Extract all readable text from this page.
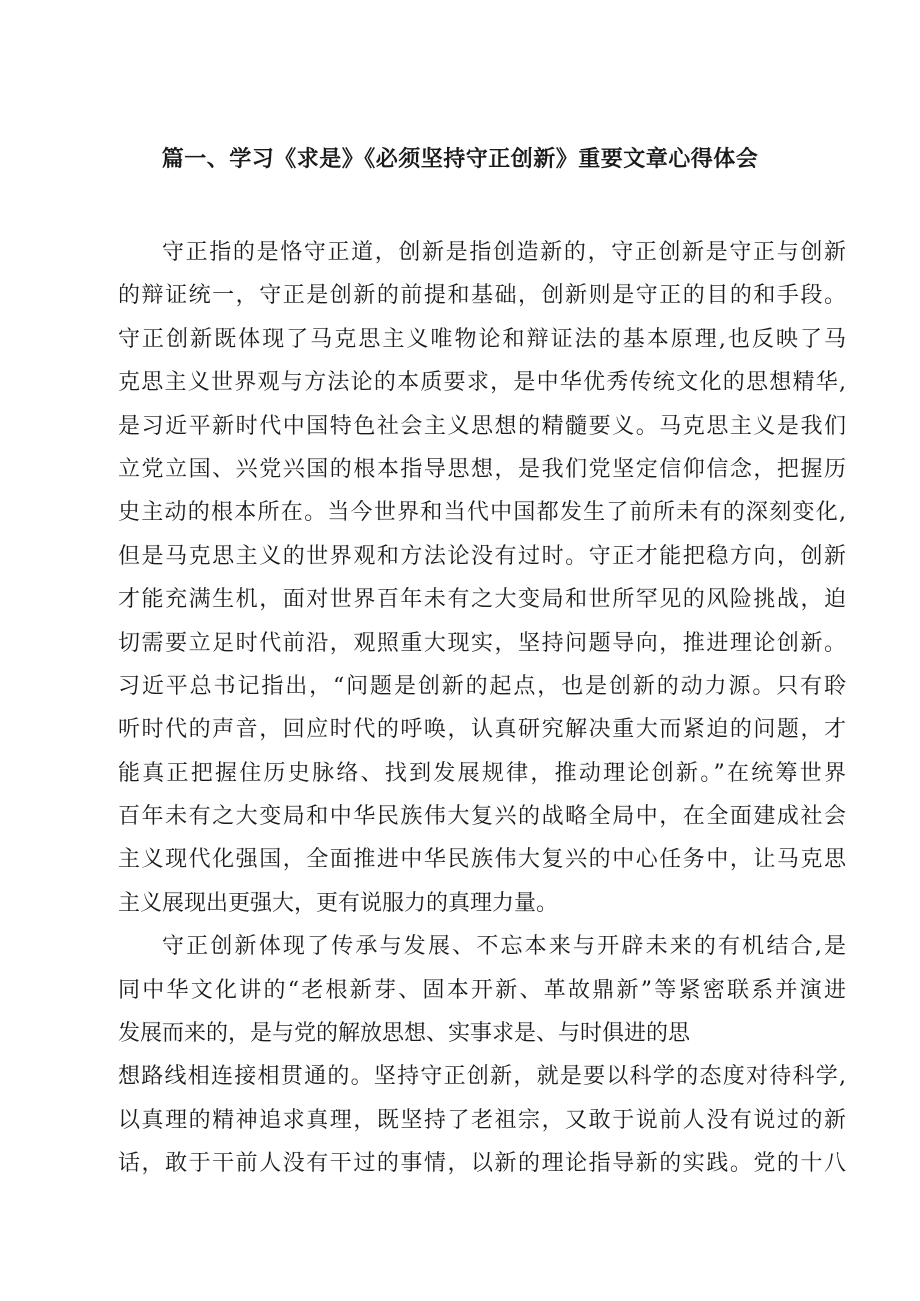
篇一、学习《求是》《必须坚持守正创新》重要文章心得体会
守正指的是恪守正道，创新是指创造新的，守正创新是守正与创新
的辩证统一，守正是创新的前提和基础，创新则是守正的目的和手段。
守正创新既体现了马克思主义唯物论和辩证法的基本原理,也反映了马
克思主义世界观与方法论的本质要求，是中华优秀传统文化的思想精华,
是习近平新时代中国特色社会主义思想的精髓要义。马克思主义是我们
立党立国、兴党兴国的根本指导思想，是我们党坚定信仰信念，把握历
史主动的根本所在。当今世界和当代中国都发生了前所未有的深刻变化,
但是马克思主义的世界观和方法论没有过时。守正才能把稳方向，创新
才能充满生机，面对世界百年未有之大变局和世所罕见的风险挑战，迫
切需要立足时代前沿，观照重大现实，坚持问题导向，推进理论创新。
习近平总书记指出，“问题是创新的起点，也是创新的动力源。只有聆
听时代的声音，回应时代的呼唤，认真研究解决重大而紧迫的问题，才
能真正把握住历史脉络、找到发展规律，推动理论创新。”在统筹世界
百年未有之大变局和中华民族伟大复兴的战略全局中，在全面建成社会
主义现代化强国，全面推进中华民族伟大复兴的中心任务中，让马克思
主义展现出更强大，更有说服力的真理力量。
守正创新体现了传承与发展、不忘本来与开辟未来的有机结合,是
同中华文化讲的“老根新芽、固本开新、革故鼎新”等紧密联系并演进
发展而来的，是与党的解放思想、实事求是、与时俱进的思
想路线相连接相贯通的。坚持守正创新，就是要以科学的态度对待科学,
以真理的精神追求真理，既坚持了老祖宗，又敢于说前人没有说过的新
话，敢于干前人没有干过的事情，以新的理论指导新的实践。党的十八
